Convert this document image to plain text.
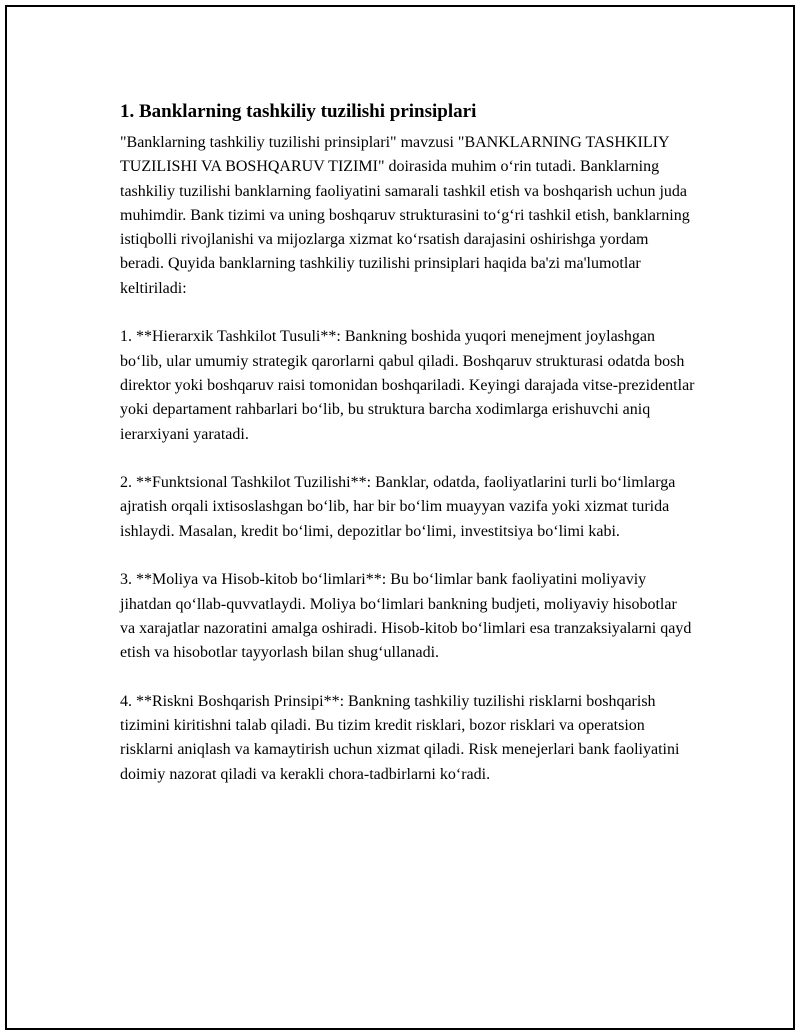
1. Banklarning tashkiliy tuzilishi prinsiplari

"Banklarning tashkiliy tuzilishi prinsiplari" mavzusi "BANKLARNING TASHKILIY TUZILISHI VA BOSHQARUV TIZIMI" doirasida muhim oʻrin tutadi. Banklarning tashkiliy tuzilishi banklarning faoliyatini samarali tashkil etish va boshqarish uchun juda muhimdir. Bank tizimi va uning boshqaruv strukturasini toʻgʻri tashkil etish, banklarning istiqbolli rivojlanishi va mijozlarga xizmat koʻrsatish darajasini oshirishga yordam beradi. Quyida banklarning tashkiliy tuzilishi prinsiplari haqida ba'zi ma'lumotlar keltiriladi:

1. **Hierarxik Tashkilot Tusuli**: Bankning boshida yuqori menejment joylashgan boʻlib, ular umumiy strategik qarorlarni qabul qiladi. Boshqaruv strukturasi odatda bosh direktor yoki boshqaruv raisi tomonidan boshqariladi. Keyingi darajada vitse-prezidentlar yoki departament rahbarlari boʻlib, bu struktura barcha xodimlarga erishuvchi aniq ierarxiyani yaratadi.

2. **Funktsional Tashkilot Tuzilishi**: Banklar, odatda, faoliyatlarini turli boʻlimlarga ajratish orqali ixtisoslashgan boʻlib, har bir boʻlim muayyan vazifa yoki xizmat turida ishlaydi. Masalan, kredit boʻlimi, depozitlar boʻlimi, investitsiya boʻlimi kabi.

3. **Moliya va Hisob-kitob boʻlimlari**: Bu boʻlimlar bank faoliyatini moliyaviy jihatdan qoʻllab-quvvatlaydi. Moliya boʻlimlari bankning budjeti, moliyaviy hisobotlar va xarajatlar nazoratini amalga oshiradi. Hisob-kitob boʻlimlari esa tranzaksiyalarni qayd etish va hisobotlar tayyorlash bilan shugʻullanadi.

4. **Riskni Boshqarish Prinsipi**: Bankning tashkiliy tuzilishi risklarni boshqarish tizimini kiritishni talab qiladi. Bu tizim kredit risklari, bozor risklari va operatsion risklarni aniqlash va kamaytirish uchun xizmat qiladi. Risk menejerlari bank faoliyatini doimiy nazorat qiladi va kerakli chora-tadbirlarni koʻradi.
